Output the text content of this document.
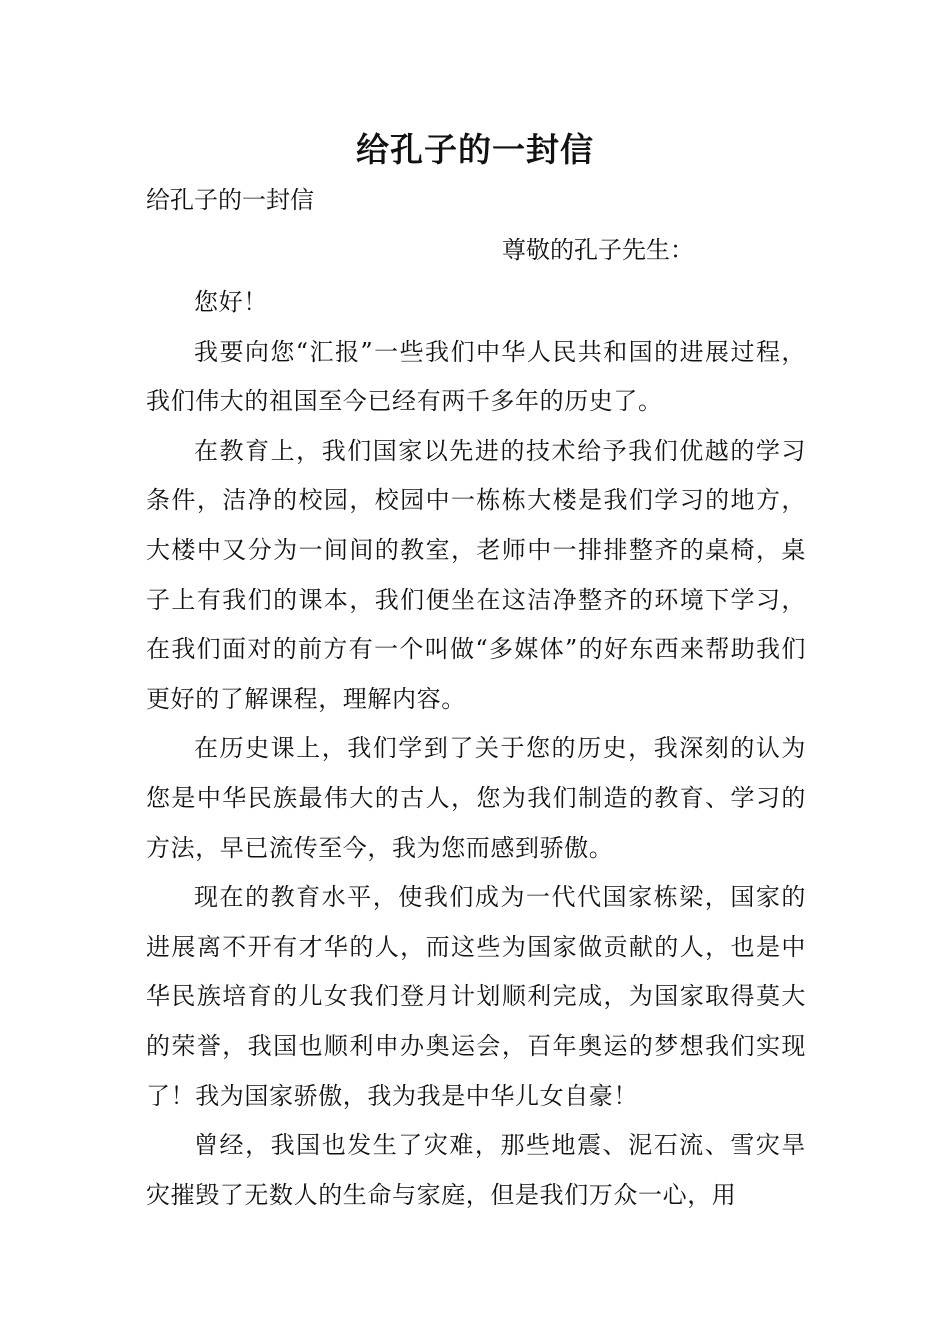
给孔子的一封信

给孔子的一封信

尊敬的孔子先生：

您好！

我要向您“汇报”一些我们中华人民共和国的进展过程，我们伟大的祖国至今已经有两千多年的历史了。

在教育上，我们国家以先进的技术给予我们优越的学习条件，洁净的校园，校园中一栋栋大楼是我们学习的地方，大楼中又分为一间间的教室，老师中一排排整齐的桌椅，桌子上有我们的课本，我们便坐在这洁净整齐的环境下学习，在我们面对的前方有一个叫做“多媒体”的好东西来帮助我们更好的了解课程，理解内容。

在历史课上，我们学到了关于您的历史，我深刻的认为您是中华民族最伟大的古人，您为我们制造的教育、学习的方法，早已流传至今，我为您而感到骄傲。

现在的教育水平，使我们成为一代代国家栋梁，国家的进展离不开有才华的人，而这些为国家做贡献的人，也是中华民族培育的儿女我们登月计划顺利完成，为国家取得莫大的荣誉，我国也顺利申办奥运会，百年奥运的梦想我们实现了！我为国家骄傲，我为我是中华儿女自豪！

曾经，我国也发生了灾难，那些地震、泥石流、雪灾旱灾摧毁了无数人的生命与家庭，但是我们万众一心，用
